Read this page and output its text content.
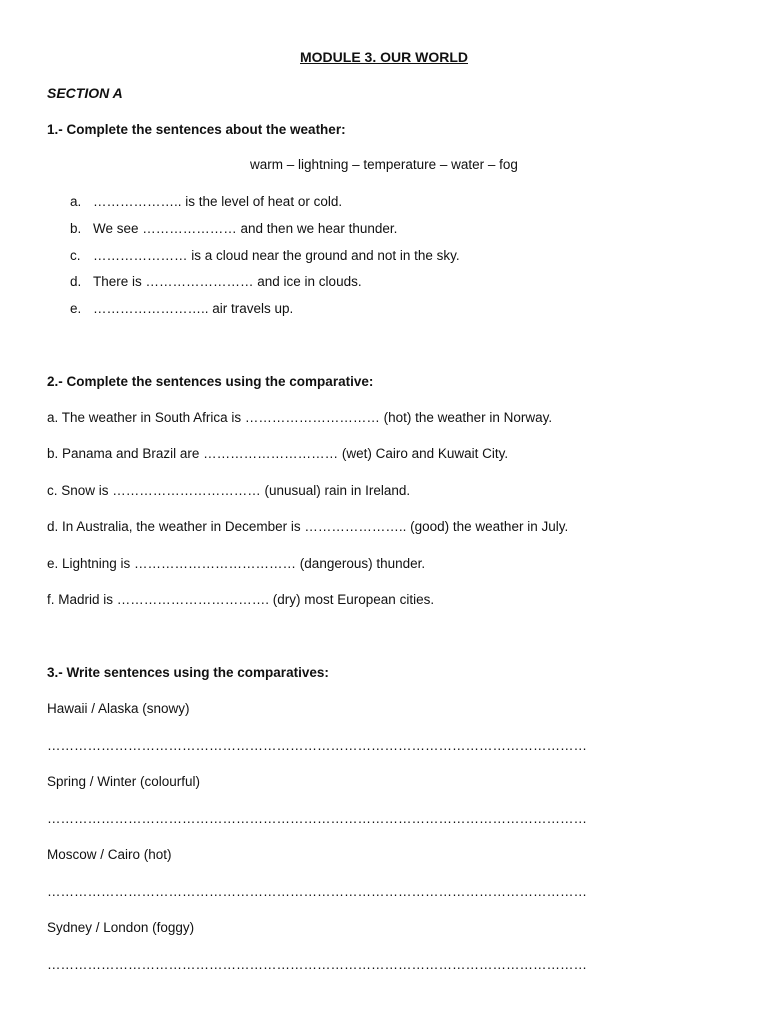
MODULE 3. OUR WORLD
SECTION A
1.- Complete the sentences about the weather:
warm – lightning – temperature – water – fog
a. ……………….. is the level of heat or cold.
b. We see ………………… and then we hear thunder.
c. ………………… is a cloud near the ground and not in the sky.
d. There is …………………… and ice in clouds.
e. …………………….. air travels up.
2.- Complete the sentences using the comparative:
a. The weather in South Africa is ………………………… (hot) the weather in Norway.
b. Panama and Brazil are ………………………… (wet) Cairo and Kuwait City.
c. Snow is …………………………… (unusual) rain in Ireland.
d. In Australia, the weather in December is ………………….. (good) the weather in July.
e. Lightning is ……………………………… (dangerous) thunder.
f. Madrid is ……………………………. (dry) most European cities.
3.- Write sentences using the comparatives:
Hawaii / Alaska (snowy)
…………………………………………………………………………………………………………
Spring / Winter (colourful)
…………………………………………………………………………………………………………
Moscow / Cairo (hot)
…………………………………………………………………………………………………………
Sydney / London (foggy)
…………………………………………………………………………………………………………
